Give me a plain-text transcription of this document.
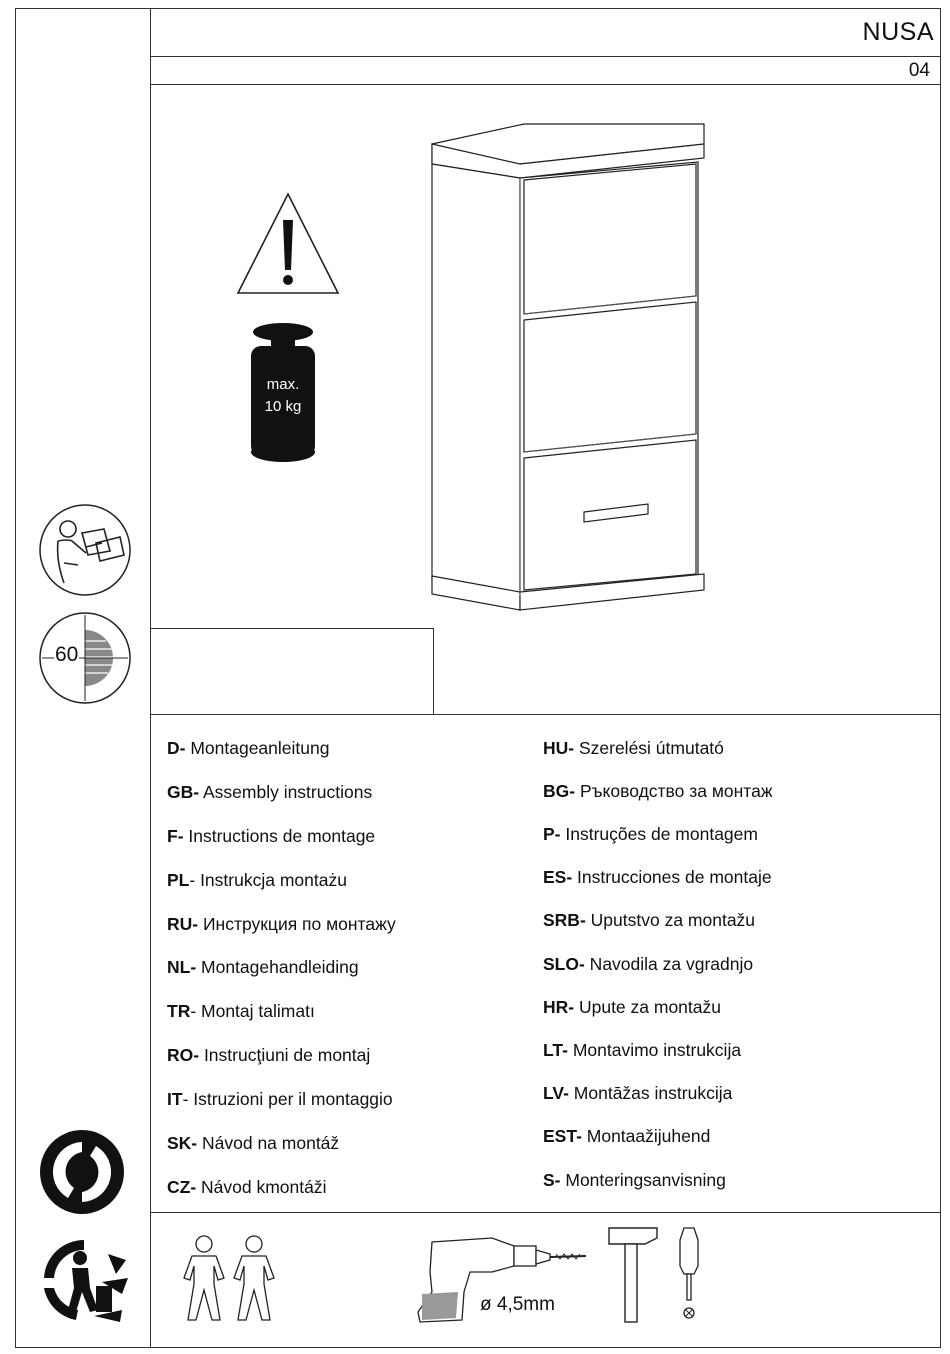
NUSA
04
max.
10 kg
60
D- Montageanleitung
GB- Assembly instructions
F- Instructions de montage
PL- Instrukcja montażu
RU- Инструкция по монтажу
NL- Montagehandleiding
TR- Montaj talimatı
RO- Instrucţiuni de montaj
IT- Istruzioni per il montaggio
SK- Návod na montáž
CZ- Návod kmontáži
HU- Szerelési útmutató
BG- Ръководство за монтаж
P- Instruções de montagem
ES- Instrucciones de montaje
SRB- Uputstvo za montažu
SLO- Navodila za vgradnjo
HR- Upute za montažu
LT- Montavimo instrukcija
LV- Montāžas instrukcija
EST- Montaažijuhend
S- Monteringsanvisning
ø 4,5mm
